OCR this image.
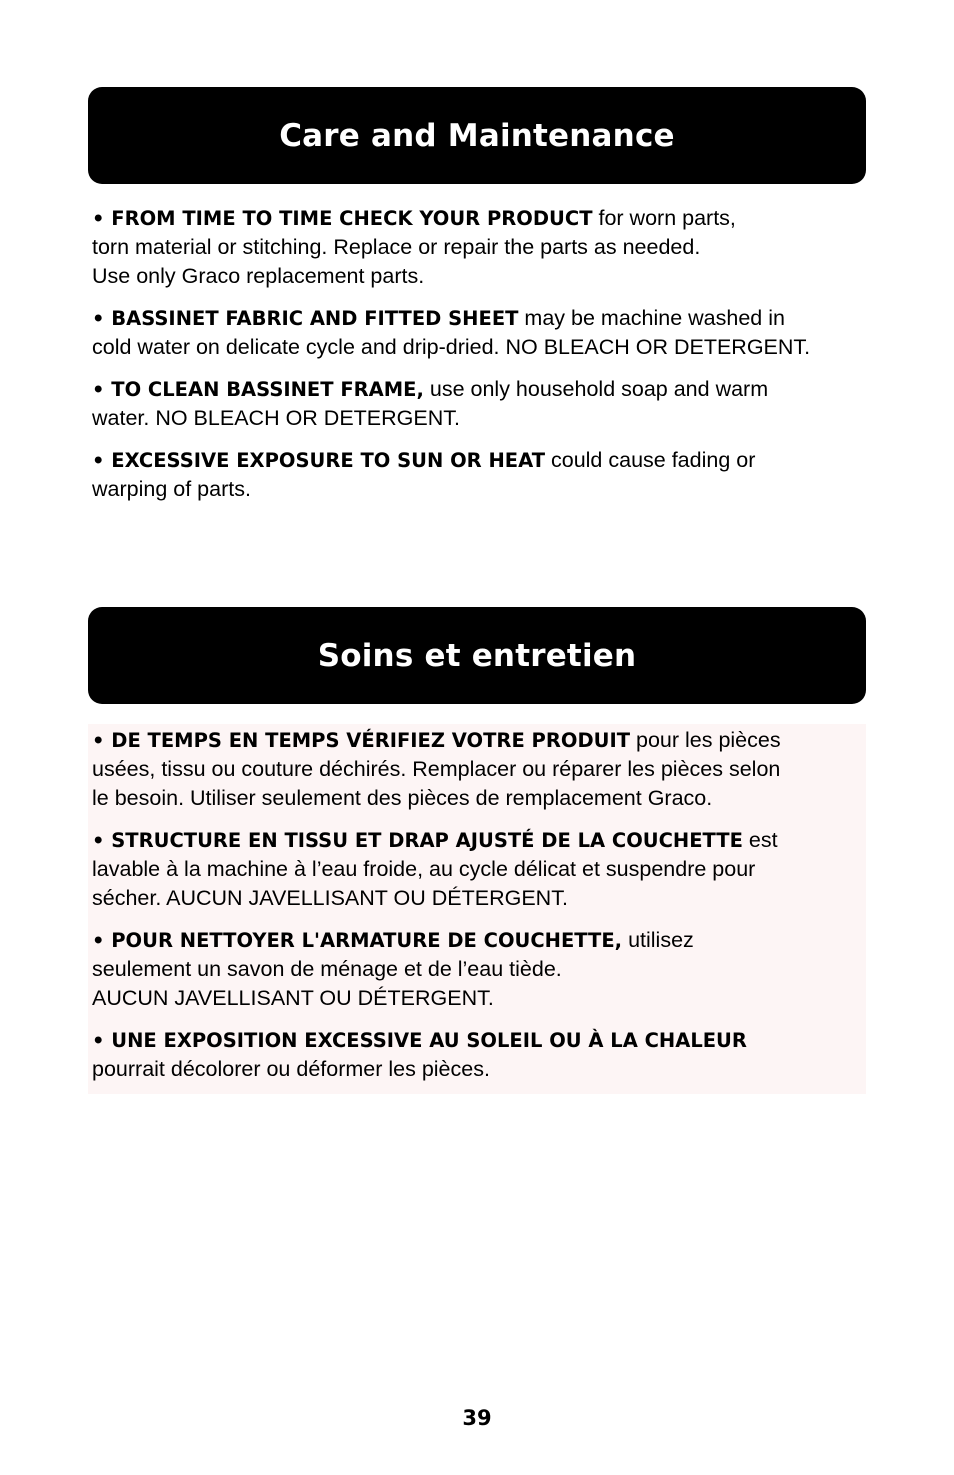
Care and Maintenance

• FROM TIME TO TIME CHECK YOUR PRODUCT for worn parts,
torn material or stitching. Replace or repair the parts as needed.
Use only Graco replacement parts.

• BASSINET FABRIC AND FITTED SHEET may be machine washed in
cold water on delicate cycle and drip-dried. NO BLEACH OR DETERGENT.

• TO CLEAN BASSINET FRAME, use only household soap and warm
water. NO BLEACH OR DETERGENT.

• EXCESSIVE EXPOSURE TO SUN OR HEAT could cause fading or
warping of parts.

Soins et entretien

• DE TEMPS EN TEMPS VÉRIFIEZ VOTRE PRODUIT pour les pièces
usées, tissu ou couture déchirés. Remplacer ou réparer les pièces selon
le besoin. Utiliser seulement des pièces de remplacement Graco.

• STRUCTURE EN TISSU ET DRAP AJUSTÉ DE LA COUCHETTE est
lavable à la machine à l’eau froide, au cycle délicat et suspendre pour
sécher. AUCUN JAVELLISANT OU DÉTERGENT.

• POUR NETTOYER L'ARMATURE DE COUCHETTE, utilisez
seulement un savon de ménage et de l’eau tiède.
AUCUN JAVELLISANT OU DÉTERGENT.

• UNE EXPOSITION EXCESSIVE AU SOLEIL OU À LA CHALEUR
pourrait décolorer ou déformer les pièces.

39
